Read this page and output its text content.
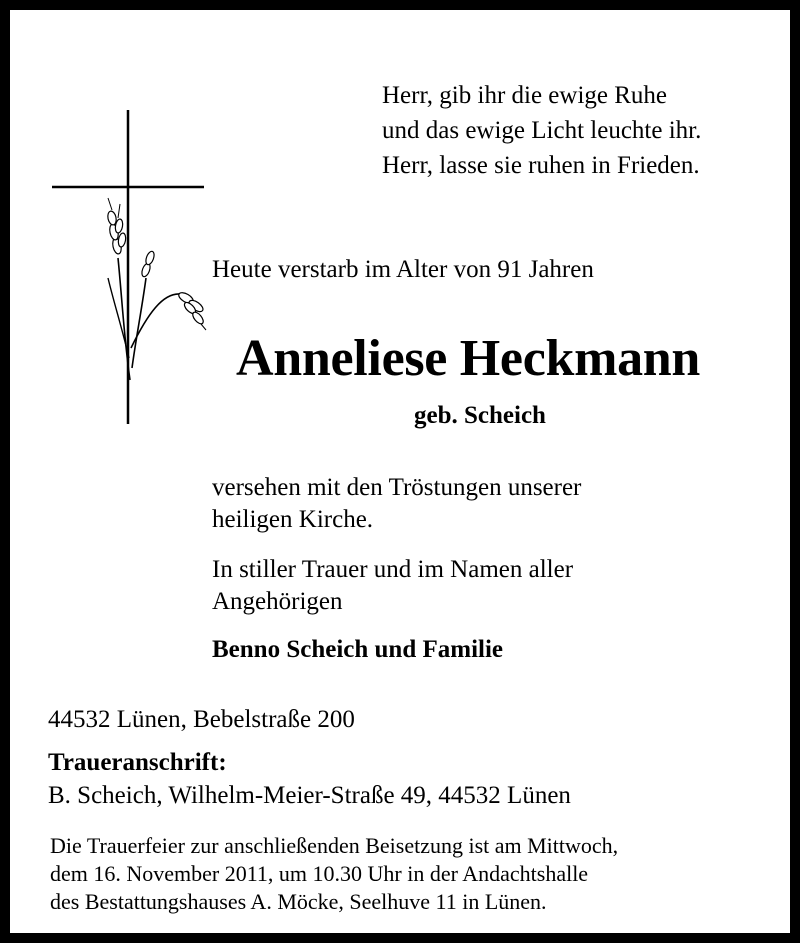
Herr, gib ihr die ewige Ruhe
und das ewige Licht leuchte ihr.
Herr, lasse sie ruhen in Frieden.
Heute verstarb im Alter von 91 Jahren
Anneliese Heckmann
geb. Scheich
versehen mit den Tröstungen unserer
heiligen Kirche.
In stiller Trauer und im Namen aller
Angehörigen
Benno Scheich und Familie
44532 Lünen, Bebelstraße 200
Traueranschrift:
B. Scheich, Wilhelm-Meier-Straße 49, 44532 Lünen
Die Trauerfeier zur anschließenden Beisetzung ist am Mittwoch,
dem 16. November 2011, um 10.30 Uhr in der Andachtshalle
des Bestattungshauses A. Möcke, Seelhuve 11 in Lünen.
